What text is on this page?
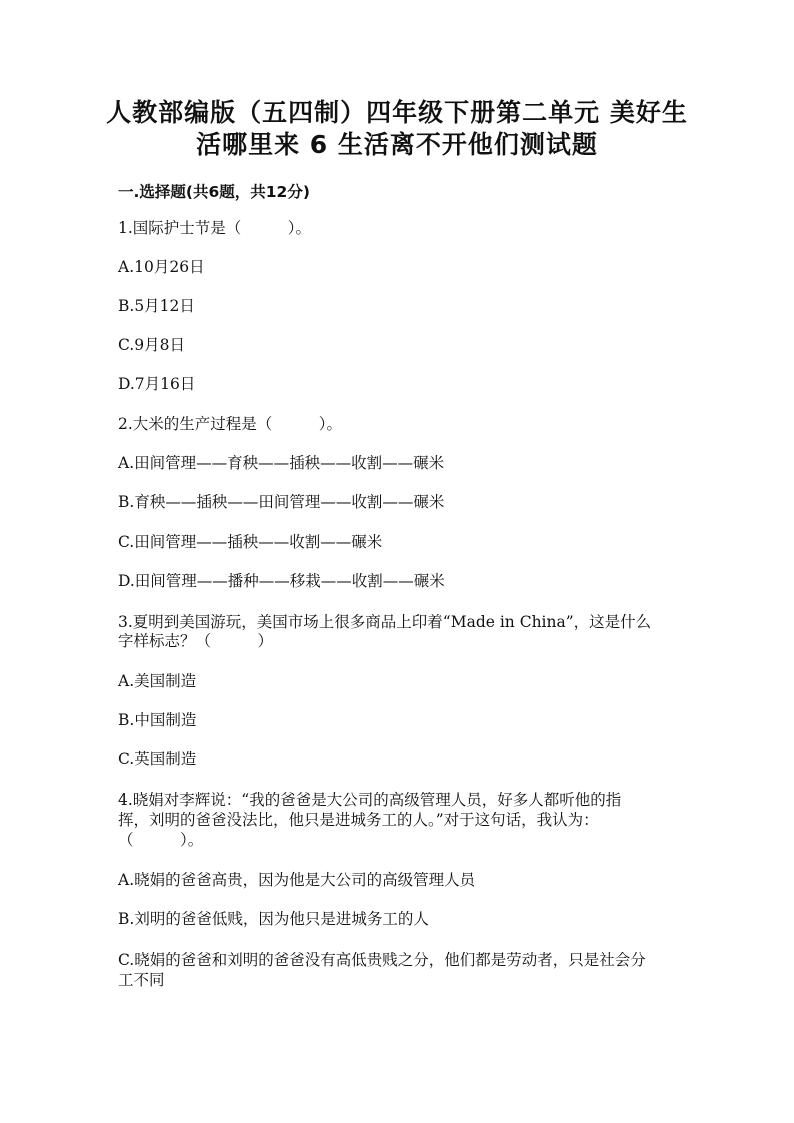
人教部编版（五四制）四年级下册第二单元 美好生
活哪里来 6 生活离不开他们测试题
一.选择题(共6题，共12分)
1.国际护士节是（　　　）。
A.10月26日
B.5月12日
C.9月8日
D.7月16日
2.大米的生产过程是（　　　）。
A.田间管理——育秧——插秧——收割——碾米
B.育秧——插秧——田间管理——收割——碾米
C.田间管理——插秧——收割——碾米
D.田间管理——播种——移栽——收割——碾米
3.夏明到美国游玩，美国市场上很多商品上印着“Made in China”，这是什么
字样标志？（　　　）
A.美国制造
B.中国制造
C.英国制造
4.晓娟对李辉说：“我的爸爸是大公司的高级管理人员，好多人都听他的指
挥，刘明的爸爸没法比，他只是进城务工的人。”对于这句话，我认为：
（　　　）。
A.晓娟的爸爸高贵，因为他是大公司的高级管理人员
B.刘明的爸爸低贱，因为他只是进城务工的人
C.晓娟的爸爸和刘明的爸爸没有高低贵贱之分，他们都是劳动者，只是社会分
工不同
